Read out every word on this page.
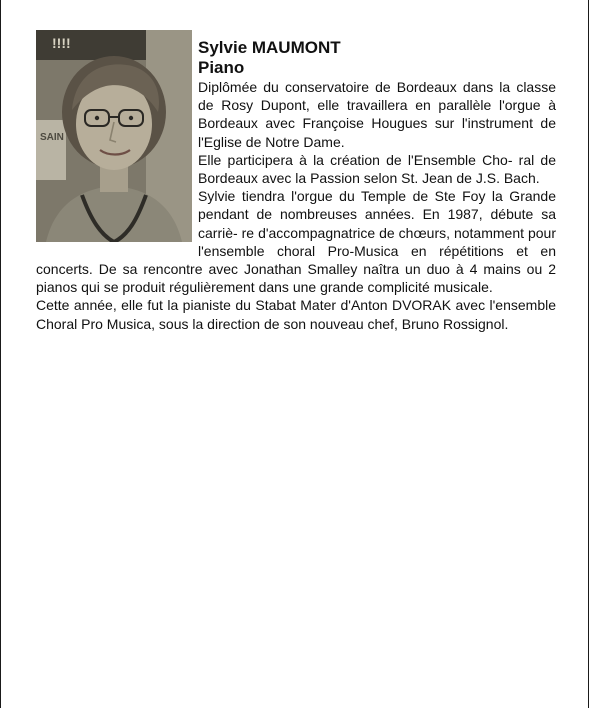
!!!!
SAIN
Sylvie MAUMONT
Piano

Diplômée du conservatoire de Bordeaux dans la classe de Rosy Dupont, elle travaillera en parallèle l'orgue à Bordeaux avec Françoise Hougues sur l'instrument de l'Eglise de Notre Dame.

Elle participera à la création de l'Ensemble Cho- ral de Bordeaux avec la Passion selon St. Jean de J.S. Bach.

Sylvie tiendra l'orgue du Temple de Ste Foy la Grande pendant de nombreuses années. En 1987, débute sa carriè- re d'accompagnatrice de chœurs, notamment pour l'ensemble choral Pro-Musica en répétitions et en concerts. De sa rencontre avec Jonathan Smalley naîtra un duo à 4 mains ou 2 pianos qui se produit régulièrement dans une grande complicité musicale.

Cette année, elle fut la pianiste du Stabat Mater d'Anton DVORAK avec l'ensemble Choral Pro Musica, sous la direction de son nouveau chef, Bruno Rossignol.
